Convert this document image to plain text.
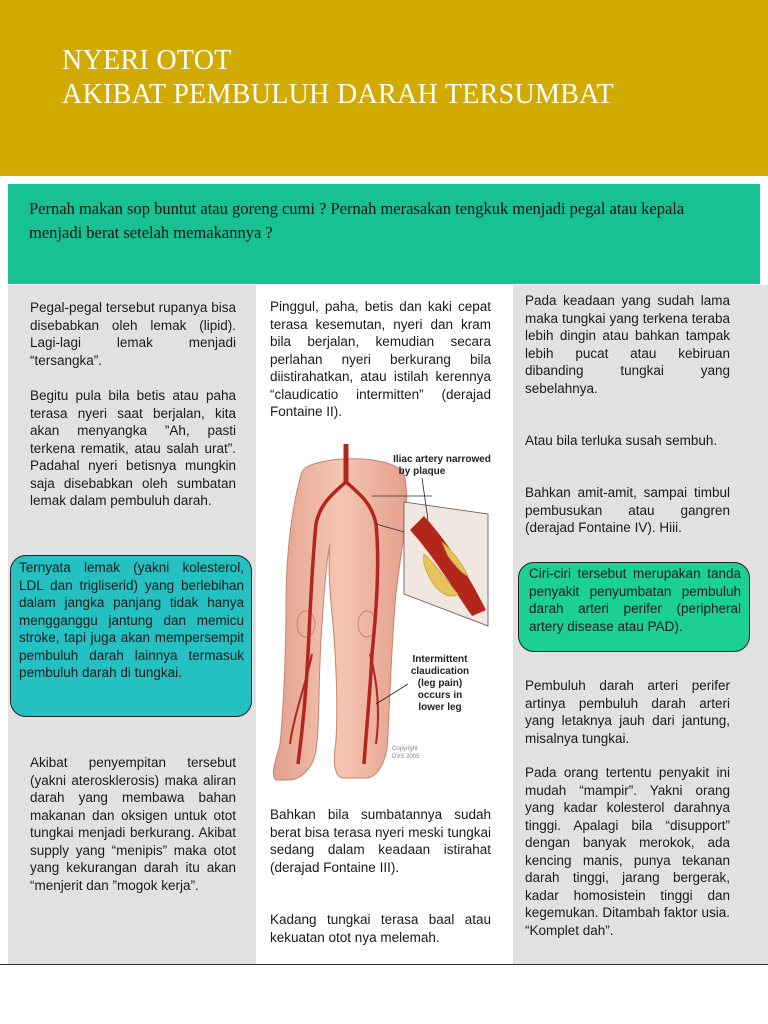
NYERI OTOT
AKIBAT PEMBULUH DARAH TERSUMBAT

Pernah makan sop buntut atau goreng cumi ? Pernah merasakan tengkuk menjadi pegal atau kepala menjadi berat setelah memakannya ?

Pegal-pegal tersebut rupanya bisa disebabkan oleh lemak (lipid). Lagi-lagi lemak menjadi “tersangka”.

Begitu pula bila betis atau paha terasa nyeri saat berjalan, kita akan menyangka ”Ah, pasti terkena rematik, atau salah urat”. Padahal nyeri betisnya mungkin saja disebabkan oleh sumbatan lemak dalam pembuluh darah.

Ternyata lemak (yakni kolesterol, LDL dan trigliserid) yang berlebihan dalam jangka panjang tidak hanya mengganggu jantung dan memicu stroke, tapi juga akan mempersempit pembuluh darah lainnya termasuk pembuluh darah di tungkai.

Akibat penyempitan tersebut (yakni aterosklerosis) maka aliran darah yang membawa bahan makanan dan oksigen untuk otot tungkai menjadi berkurang. Akibat supply yang “menipis” maka otot yang kekurangan darah itu akan “menjerit dan ”mogok kerja”.

Pinggul, paha, betis dan kaki cepat terasa kesemutan, nyeri dan kram bila berjalan, kemudian secara perlahan nyeri berkurang bila diistirahatkan, atau istilah kerennya “claudicatio intermitten” (derajad Fontaine II).

Iliac artery narrowed
by plaque
Intermittent
claudication
(leg pain)
occurs in
lower leg
Copyright
DVS 2005

Bahkan bila sumbatannya sudah berat bisa terasa nyeri meski tungkai sedang dalam keadaan istirahat (derajad Fontaine III).

Kadang tungkai terasa baal atau kekuatan otot nya melemah.

Pada keadaan yang sudah lama maka tungkai yang terkena teraba lebih dingin atau bahkan tampak lebih pucat atau kebiruan dibanding tungkai yang sebelahnya.

Atau bila terluka susah sembuh.

Bahkan amit-amit, sampai timbul pembusukan atau gangren (derajad Fontaine IV). Hiii.

Ciri-ciri tersebut merupakan tanda penyakit penyumbatan pembuluh darah arteri perifer (peripheral artery disease atau PAD).

Pembuluh darah arteri perifer artinya pembuluh darah arteri yang letaknya jauh dari jantung, misalnya tungkai.

Pada orang tertentu penyakit ini mudah “mampir”. Yakni orang yang kadar kolesterol darahnya tinggi. Apalagi bila “disupport” dengan banyak merokok, ada kencing manis, punya tekanan darah tinggi, jarang bergerak, kadar homosistein tinggi dan kegemukan. Ditambah faktor usia. “Komplet dah”.
